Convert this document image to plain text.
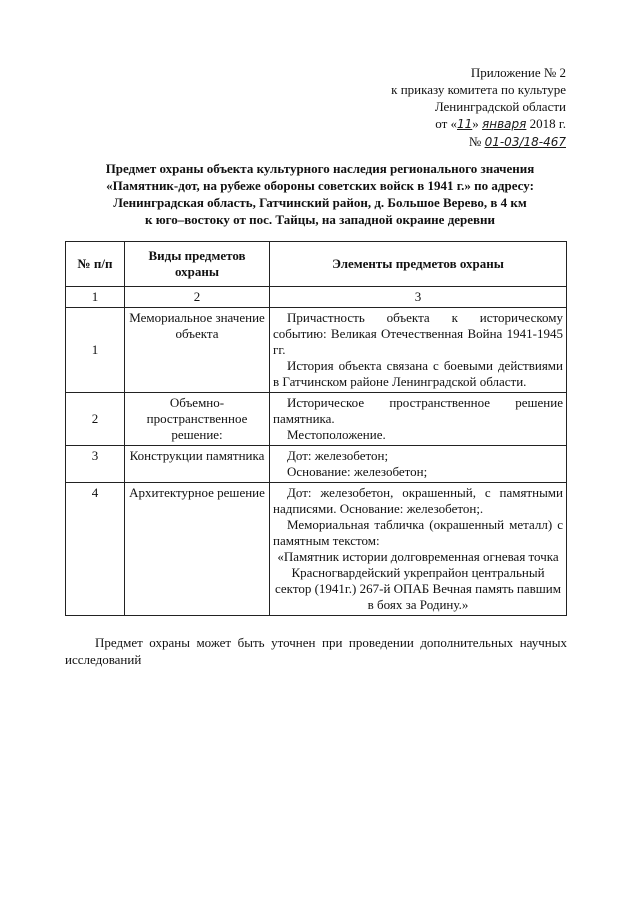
Приложение № 2
к приказу комитета по культуре
Ленинградской области
от «11» января 2018 г.
№ 01-03/18-467
Предмет охраны объекта культурного наследия регионального значения
«Памятник-дот, на рубеже обороны советских войск в 1941 г.» по адресу:
Ленинградская область, Гатчинский район, д. Большое Верево, в 4 км
к юго–востоку от пос. Тайцы, на западной окраине деревни
№ п/п	Виды предметов охраны	Элементы предметов охраны
1	2	3
1	Мемориальное значение объекта	Причастность объекта к историческому событию: Великая Отечественная Война 1941-1945 гг.
История объекта связана с боевыми действиями в Гатчинском районе Ленинградской области.

2	Объемно-пространственное решение:	Историческое пространственное решение памятника.
Местоположение.

3	Конструкции памятника	Дот: железобетон;
Основание: железобетон;

4	Архитектурное решение	Дот: железобетон, окрашенный, с памятными надписями. Основание: железобетон;.
Мемориальная табличка (окрашенный металл) с памятным текстом:
«Памятник истории долговременная огневая точка Красногвардейский укрепрайон центральный сектор (1941г.) 267-й ОПАБ Вечная память павшим в боях за Родину.»
Предмет охраны может быть уточнен при проведении дополнительных научных исследований
